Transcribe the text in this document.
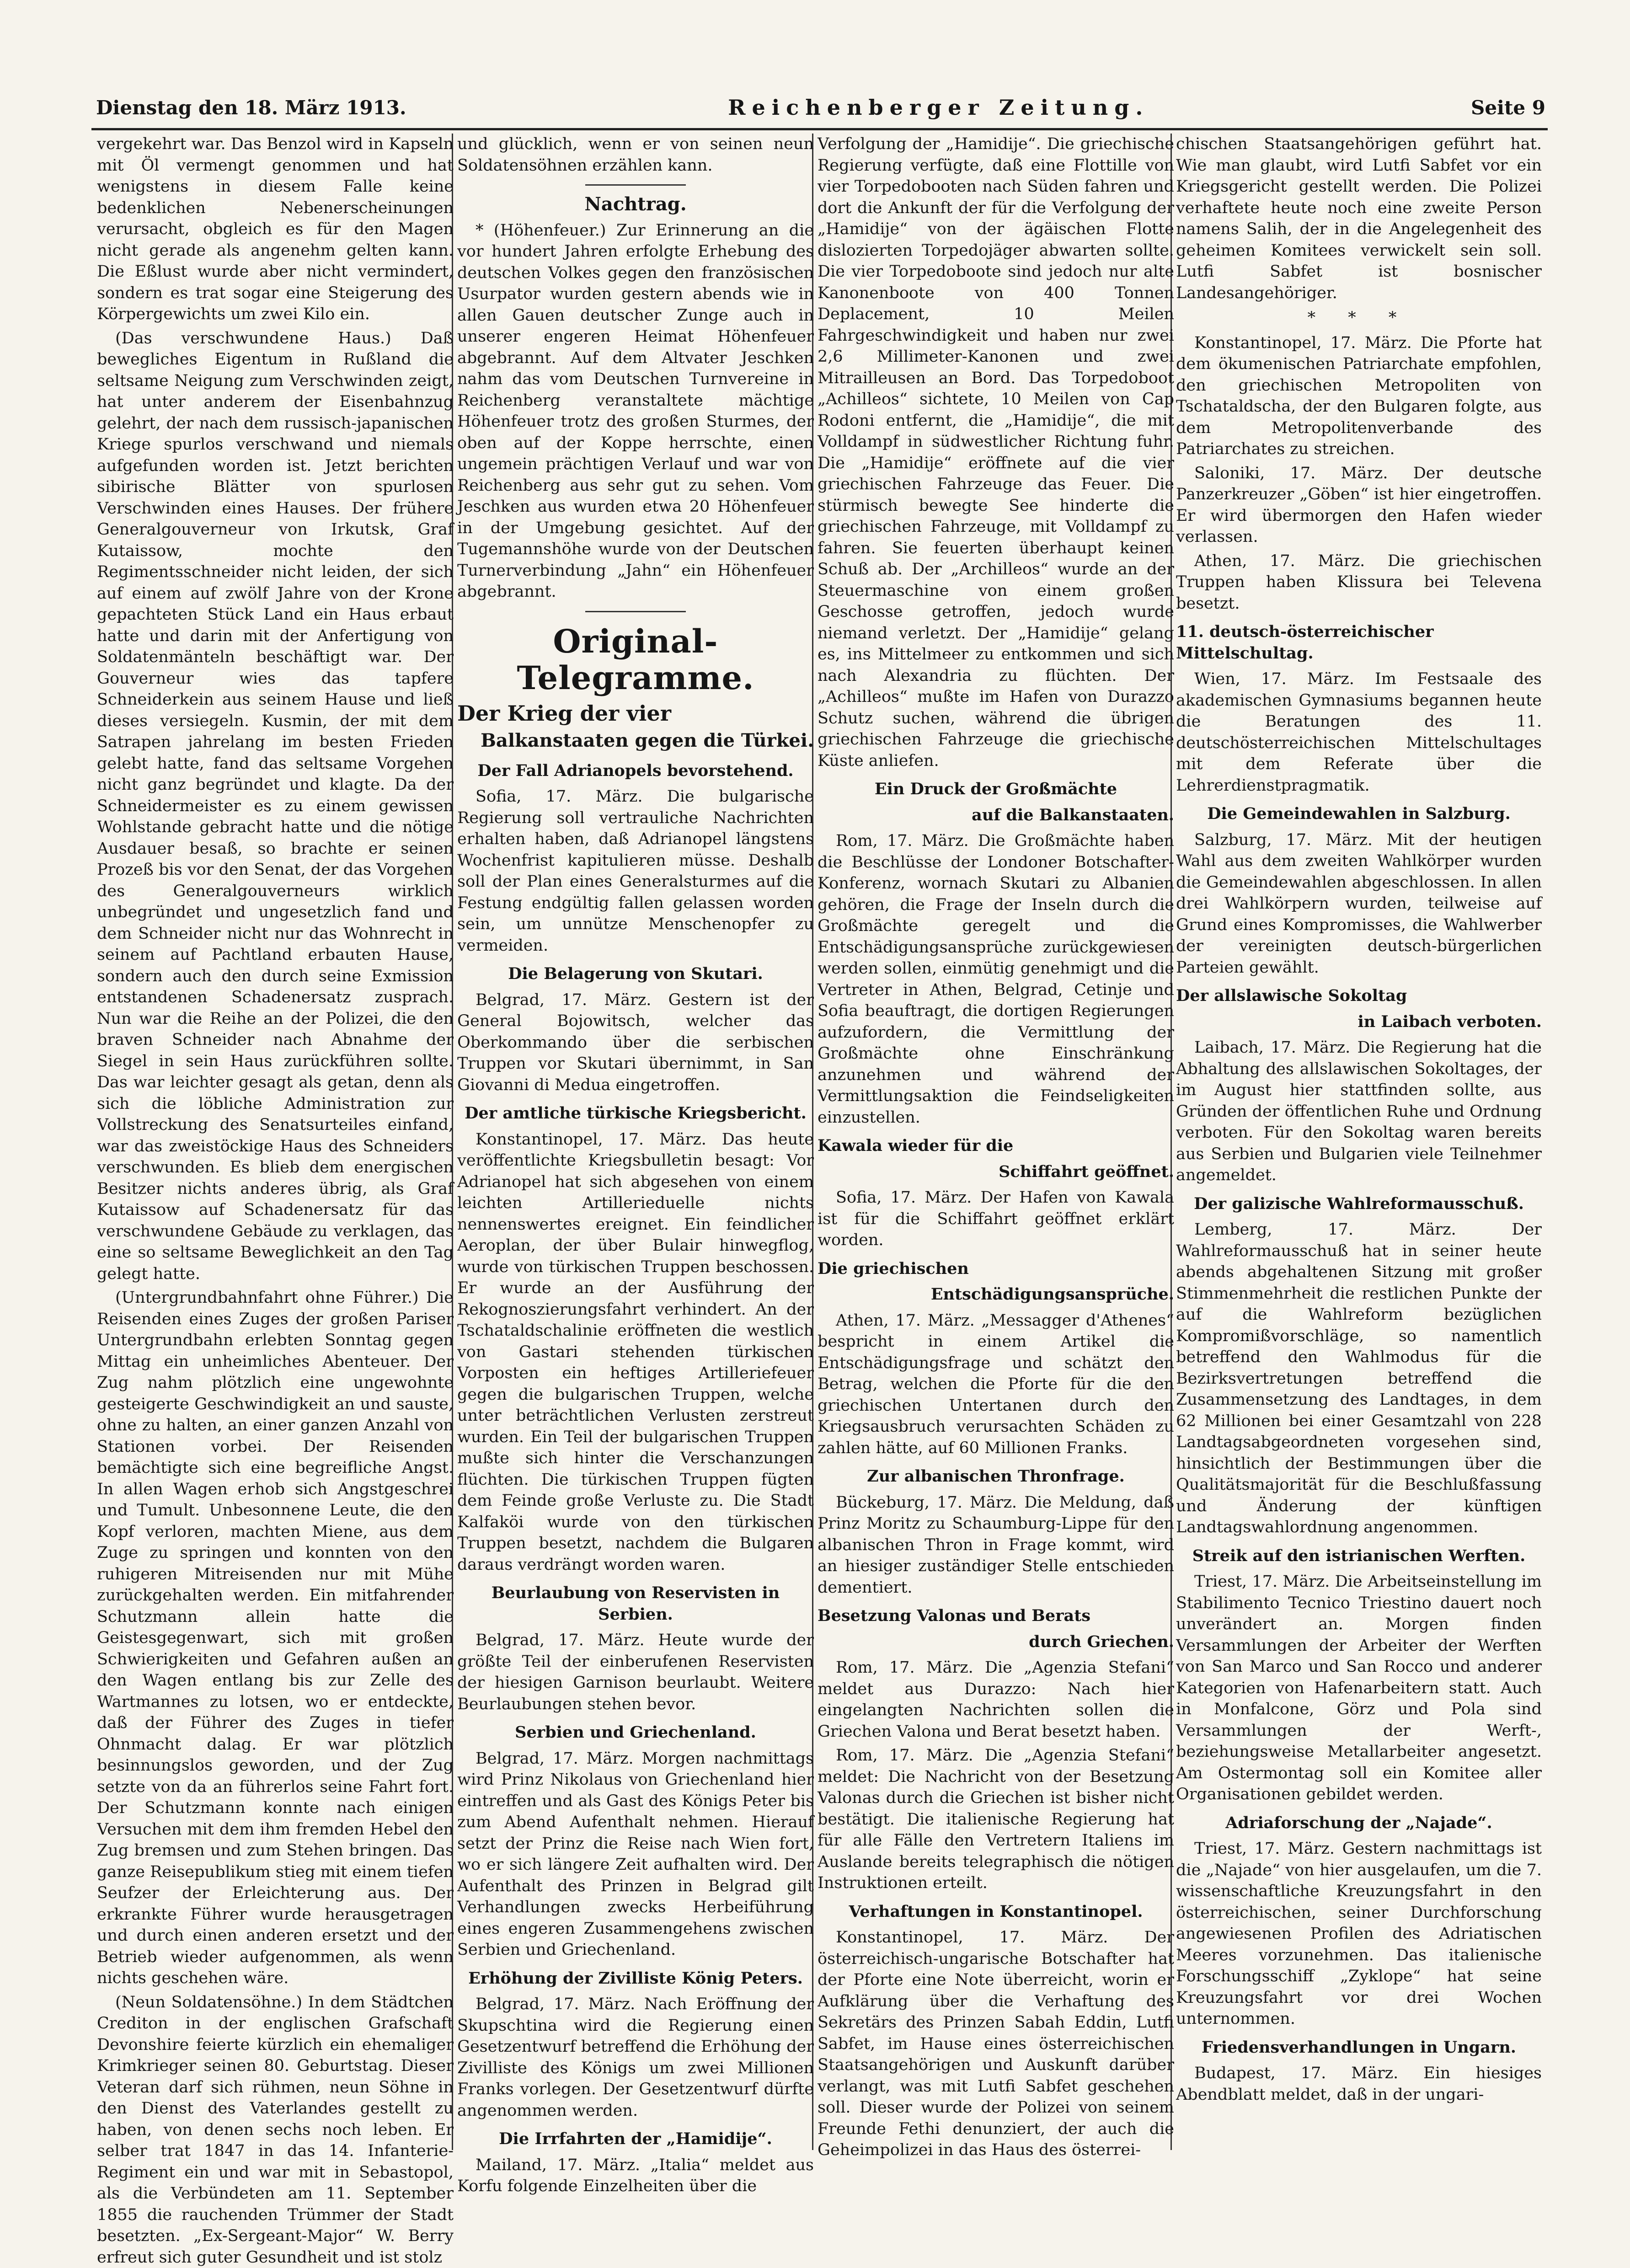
Dienstag den 18. März 1913.	Reichenberger Zeitung.	Seite 9

vergekehrt war. Das Benzol wird in Kapseln mit Öl vermengt genommen und hat wenigstens in diesem Falle keine bedenklichen Nebenerscheinungen verursacht, obgleich es für den Magen nicht gerade als angenehm gelten kann. Die Eßlust wurde aber nicht vermindert, sondern es trat sogar eine Steigerung des Körpergewichts um zwei Kilo ein.

(Das verschwundene Haus.) Daß bewegliches Eigentum in Rußland die seltsame Neigung zum Verschwinden zeigt, hat unter anderem der Eisenbahnzug gelehrt, der nach dem russisch-japanischen Kriege spurlos verschwand und niemals aufgefunden worden ist. Jetzt berichten sibirische Blätter von spurlosen Verschwinden eines Hauses. Der frühere Generalgouverneur von Irkutsk, Graf Kutaissow, mochte den Regimentsschneider nicht leiden, der sich auf einem auf zwölf Jahre von der Krone gepachteten Stück Land ein Haus erbaut hatte und darin mit der Anfertigung von Soldatenmänteln beschäftigt war. Der Gouverneur wies das tapfere Schneiderkein aus seinem Hause und ließ dieses versiegeln. Kusmin, der mit dem Satrapen jahrelang im besten Frieden gelebt hatte, fand das seltsame Vorgehen nicht ganz begründet und klagte. Da der Schneidermeister es zu einem gewissen Wohlstande gebracht hatte und die nötige Ausdauer besaß, so brachte er seinen Prozeß bis vor den Senat, der das Vorgehen des Generalgouverneurs wirklich unbegründet und ungesetzlich fand und dem Schneider nicht nur das Wohnrecht in seinem auf Pachtland erbauten Hause, sondern auch den durch seine Exmission entstandenen Schadenersatz zusprach. Nun war die Reihe an der Polizei, die den braven Schneider nach Abnahme der Siegel in sein Haus zurückführen sollte. Das war leichter gesagt als getan, denn als sich die löbliche Administration zur Vollstreckung des Senatsurteiles einfand, war das zweistöckige Haus des Schneiders verschwunden. Es blieb dem energischen Besitzer nichts anderes übrig, als Graf Kutaissow auf Schadenersatz für das verschwundene Gebäude zu verklagen, das eine so seltsame Beweglichkeit an den Tag gelegt hatte.

(Untergrundbahnfahrt ohne Führer.) Die Reisenden eines Zuges der großen Pariser Untergrundbahn erlebten Sonntag gegen Mittag ein unheimliches Abenteuer. Der Zug nahm plötzlich eine ungewohnte gesteigerte Geschwindigkeit an und sauste, ohne zu halten, an einer ganzen Anzahl von Stationen vorbei. Der Reisenden bemächtigte sich eine begreifliche Angst. In allen Wagen erhob sich Angstgeschrei und Tumult. Unbesonnene Leute, die den Kopf verloren, machten Miene, aus dem Zuge zu springen und konnten von den ruhigeren Mitreisenden nur mit Mühe zurückgehalten werden. Ein mitfahrender Schutzmann allein hatte die Geistesgegenwart, sich mit großen Schwierigkeiten und Gefahren außen an den Wagen entlang bis zur Zelle des Wartmannes zu lotsen, wo er entdeckte, daß der Führer des Zuges in tiefer Ohnmacht dalag. Er war plötzlich besinnungslos geworden, und der Zug setzte von da an führerlos seine Fahrt fort. Der Schutzmann konnte nach einigen Versuchen mit dem ihm fremden Hebel den Zug bremsen und zum Stehen bringen. Das ganze Reisepublikum stieg mit einem tiefen Seufzer der Erleichterung aus. Der erkrankte Führer wurde herausgetragen und durch einen anderen ersetzt und der Betrieb wieder aufgenommen, als wenn nichts geschehen wäre.

(Neun Soldatensöhne.) In dem Städtchen Crediton in der englischen Grafschaft Devonshire feierte kürzlich ein ehemaliger Krimkrieger seinen 80. Geburtstag. Dieser Veteran darf sich rühmen, neun Söhne in den Dienst des Vaterlandes gestellt zu haben, von denen sechs noch leben. Er selber trat 1847 in das 14. Infanterie-Regiment ein und war mit in Sebastopol, als die Verbündeten am 11. September 1855 die rauchenden Trümmer der Stadt besetzten. „Ex-Sergeant-Major“ W. Berry erfreut sich guter Gesundheit und ist stolz

und glücklich, wenn er von seinen neun Soldatensöhnen erzählen kann.

Nachtrag.

* (Höhenfeuer.) Zur Erinnerung an die vor hundert Jahren erfolgte Erhebung des deutschen Volkes gegen den französischen Usurpator wurden gestern abends wie in allen Gauen deutscher Zunge auch in unserer engeren Heimat Höhenfeuer abgebrannt. Auf dem Altvater Jeschken nahm das vom Deutschen Turnvereine in Reichenberg veranstaltete mächtige Höhenfeuer trotz des großen Sturmes, der oben auf der Koppe herrschte, einen ungemein prächtigen Verlauf und war von Reichenberg aus sehr gut zu sehen. Vom Jeschken aus wurden etwa 20 Höhenfeuer in der Umgebung gesichtet. Auf der Tugemannshöhe wurde von der Deutschen Turnerverbindung „Jahn“ ein Höhenfeuer abgebrannt.

Original-Telegramme.
Der Krieg der vier
Balkanstaaten gegen die Türkei.
Der Fall Adrianopels bevorstehend.

Sofia, 17. März. Die bulgarische Regierung soll vertrauliche Nachrichten erhalten haben, daß Adrianopel längstens Wochenfrist kapitulieren müsse. Deshalb soll der Plan eines Generalsturmes auf die Festung endgültig fallen gelassen worden sein, um unnütze Menschenopfer zu vermeiden.

Die Belagerung von Skutari.

Belgrad, 17. März. Gestern ist der General Bojowitsch, welcher das Oberkommando über die serbischen Truppen vor Skutari übernimmt, in San Giovanni di Medua eingetroffen.

Der amtliche türkische Kriegsbericht.

Konstantinopel, 17. März. Das heute veröffentlichte Kriegsbulletin besagt: Vor Adrianopel hat sich abgesehen von einem leichten Artillerieduelle nichts nennenswertes ereignet. Ein feindlicher Aeroplan, der über Bulair hinwegflog, wurde von türkischen Truppen beschossen. Er wurde an der Ausführung der Rekognoszierungsfahrt verhindert. An der Tschataldschalinie eröffneten die westlich von Gastari stehenden türkischen Vorposten ein heftiges Artilleriefeuer gegen die bulgarischen Truppen, welche unter beträchtlichen Verlusten zerstreut wurden. Ein Teil der bulgarischen Truppen mußte sich hinter die Verschanzungen flüchten. Die türkischen Truppen fügten dem Feinde große Verluste zu. Die Stadt Kalfaköi wurde von den türkischen Truppen besetzt, nachdem die Bulgaren daraus verdrängt worden waren.

Beurlaubung von Reservisten in Serbien.

Belgrad, 17. März. Heute wurde der größte Teil der einberufenen Reservisten der hiesigen Garnison beurlaubt. Weitere Beurlaubungen stehen bevor.

Serbien und Griechenland.

Belgrad, 17. März. Morgen nachmittags wird Prinz Nikolaus von Griechenland hier eintreffen und als Gast des Königs Peter bis zum Abend Aufenthalt nehmen. Hierauf setzt der Prinz die Reise nach Wien fort, wo er sich längere Zeit aufhalten wird. Der Aufenthalt des Prinzen in Belgrad gilt Verhandlungen zwecks Herbeiführung eines engeren Zusammengehens zwischen Serbien und Griechenland.

Erhöhung der Zivilliste König Peters.

Belgrad, 17. März. Nach Eröffnung der Skupschtina wird die Regierung einen Gesetzentwurf betreffend die Erhöhung der Zivilliste des Königs um zwei Millionen Franks vorlegen. Der Gesetzentwurf dürfte angenommen werden.

Die Irrfahrten der „Hamidije“.

Mailand, 17. März. „Italia“ meldet aus Korfu folgende Einzelheiten über die

Verfolgung der „Hamidije“. Die griechische Regierung verfügte, daß eine Flottille von vier Torpedobooten nach Süden fahren und dort die Ankunft der für die Verfolgung der „Hamidije“ von der ägäischen Flotte dislozierten Torpedojäger abwarten sollte. Die vier Torpedoboote sind jedoch nur alte Kanonenboote von 400 Tonnen Deplacement, 10 Meilen Fahrgeschwindigkeit und haben nur zwei 2,6 Millimeter-Kanonen und zwei Mitrailleusen an Bord. Das Torpedoboot „Achilleos“ sichtete, 10 Meilen von Cap Rodoni entfernt, die „Hamidije“, die mit Volldampf in südwestlicher Richtung fuhr. Die „Hamidije“ eröffnete auf die vier griechischen Fahrzeuge das Feuer. Die stürmisch bewegte See hinderte die griechischen Fahrzeuge, mit Volldampf zu fahren. Sie feuerten überhaupt keinen Schuß ab. Der „Archilleos“ wurde an der Steuermaschine von einem großen Geschosse getroffen, jedoch wurde niemand verletzt. Der „Hamidije“ gelang es, ins Mittelmeer zu entkommen und sich nach Alexandria zu flüchten. Der „Achilleos“ mußte im Hafen von Durazzo Schutz suchen, während die übrigen griechischen Fahrzeuge die griechische Küste anliefen.

Ein Druck der Großmächte
auf die Balkanstaaten.

Rom, 17. März. Die Großmächte haben die Beschlüsse der Londoner Botschafter-Konferenz, wornach Skutari zu Albanien gehören, die Frage der Inseln durch die Großmächte geregelt und die Entschädigungsansprüche zurückgewiesen werden sollen, einmütig genehmigt und die Vertreter in Athen, Belgrad, Cetinje und Sofia beauftragt, die dortigen Regierungen aufzufordern, die Vermittlung der Großmächte ohne Einschränkung anzunehmen und während der Vermittlungsaktion die Feindseligkeiten einzustellen.

Kawala wieder für die
Schiffahrt geöffnet.

Sofia, 17. März. Der Hafen von Kawala ist für die Schiffahrt geöffnet erklärt worden.

Die griechischen
Entschädigungsansprüche.

Athen, 17. März. „Messagger d'Athenes“ bespricht in einem Artikel die Entschädigungsfrage und schätzt den Betrag, welchen die Pforte für die den griechischen Untertanen durch den Kriegsausbruch verursachten Schäden zu zahlen hätte, auf 60 Millionen Franks.

Zur albanischen Thronfrage.

Bückeburg, 17. März. Die Meldung, daß Prinz Moritz zu Schaumburg-Lippe für den albanischen Thron in Frage kommt, wird an hiesiger zuständiger Stelle entschieden dementiert.

Besetzung Valonas und Berats
durch Griechen.

Rom, 17. März. Die „Agenzia Stefani“ meldet aus Durazzo: Nach hier eingelangten Nachrichten sollen die Griechen Valona und Berat besetzt haben.

Rom, 17. März. Die „Agenzia Stefani“ meldet: Die Nachricht von der Besetzung Valonas durch die Griechen ist bisher nicht bestätigt. Die italienische Regierung hat für alle Fälle den Vertretern Italiens im Auslande bereits telegraphisch die nötigen Instruktionen erteilt.

Verhaftungen in Konstantinopel.

Konstantinopel, 17. März. Der österreichisch-ungarische Botschafter hat der Pforte eine Note überreicht, worin er Aufklärung über die Verhaftung des Sekretärs des Prinzen Sabah Eddin, Lutfi Sabfet, im Hause eines österreichischen Staatsangehörigen und Auskunft darüber verlangt, was mit Lutfi Sabfet geschehen soll. Dieser wurde der Polizei von seinem Freunde Fethi denunziert, der auch die Geheimpolizei in das Haus des österrei-

chischen Staatsangehörigen geführt hat. Wie man glaubt, wird Lutfi Sabfet vor ein Kriegsgericht gestellt werden. Die Polizei verhaftete heute noch eine zweite Person namens Salih, der in die Angelegenheit des geheimen Komitees verwickelt sein soll. Lutfi Sabfet ist bosnischer Landesangehöriger.

* * *

Konstantinopel, 17. März. Die Pforte hat dem ökumenischen Patriarchate empfohlen, den griechischen Metropoliten von Tschataldscha, der den Bulgaren folgte, aus dem Metropolitenverbande des Patriarchates zu streichen.

Saloniki, 17. März. Der deutsche Panzerkreuzer „Göben“ ist hier eingetroffen. Er wird übermorgen den Hafen wieder verlassen.

Athen, 17. März. Die griechischen Truppen haben Klissura bei Televena besetzt.

11. deutsch-österreichischer Mittelschultag.

Wien, 17. März. Im Festsaale des akademischen Gymnasiums begannen heute die Beratungen des 11. deutschösterreichischen Mittelschultages mit dem Referate über die Lehrerdienstpragmatik.

Die Gemeindewahlen in Salzburg.

Salzburg, 17. März. Mit der heutigen Wahl aus dem zweiten Wahlkörper wurden die Gemeindewahlen abgeschlossen. In allen drei Wahlkörpern wurden, teilweise auf Grund eines Kompromisses, die Wahlwerber der vereinigten deutsch-bürgerlichen Parteien gewählt.

Der allslawische Sokoltag
in Laibach verboten.

Laibach, 17. März. Die Regierung hat die Abhaltung des allslawischen Sokoltages, der im August hier stattfinden sollte, aus Gründen der öffentlichen Ruhe und Ordnung verboten. Für den Sokoltag waren bereits aus Serbien und Bulgarien viele Teilnehmer angemeldet.

Der galizische Wahlreformausschuß.

Lemberg, 17. März. Der Wahlreformausschuß hat in seiner heute abends abgehaltenen Sitzung mit großer Stimmenmehrheit die restlichen Punkte der auf die Wahlreform bezüglichen Kompromißvorschläge, so namentlich betreffend den Wahlmodus für die Bezirksvertretungen betreffend die Zusammensetzung des Landtages, in dem 62 Millionen bei einer Gesamtzahl von 228 Landtagsabgeordneten vorgesehen sind, hinsichtlich der Bestimmungen über die Qualitätsmajorität für die Beschlußfassung und Änderung der künftigen Landtagswahlordnung angenommen.

Streik auf den istrianischen Werften.

Triest, 17. März. Die Arbeitseinstellung im Stabilimento Tecnico Triestino dauert noch unverändert an. Morgen finden Versammlungen der Arbeiter der Werften von San Marco und San Rocco und anderer Kategorien von Hafenarbeitern statt. Auch in Monfalcone, Görz und Pola sind Versammlungen der Werft-, beziehungsweise Metallarbeiter angesetzt. Am Ostermontag soll ein Komitee aller Organisationen gebildet werden.

Adriaforschung der „Najade“.

Triest, 17. März. Gestern nachmittags ist die „Najade“ von hier ausgelaufen, um die 7. wissenschaftliche Kreuzungsfahrt in den österreichischen, seiner Durchforschung angewiesenen Profilen des Adriatischen Meeres vorzunehmen. Das italienische Forschungsschiff „Zyklope“ hat seine Kreuzungsfahrt vor drei Wochen unternommen.

Friedensverhandlungen in Ungarn.

Budapest, 17. März. Ein hiesiges Abendblatt meldet, daß in der ungari-
